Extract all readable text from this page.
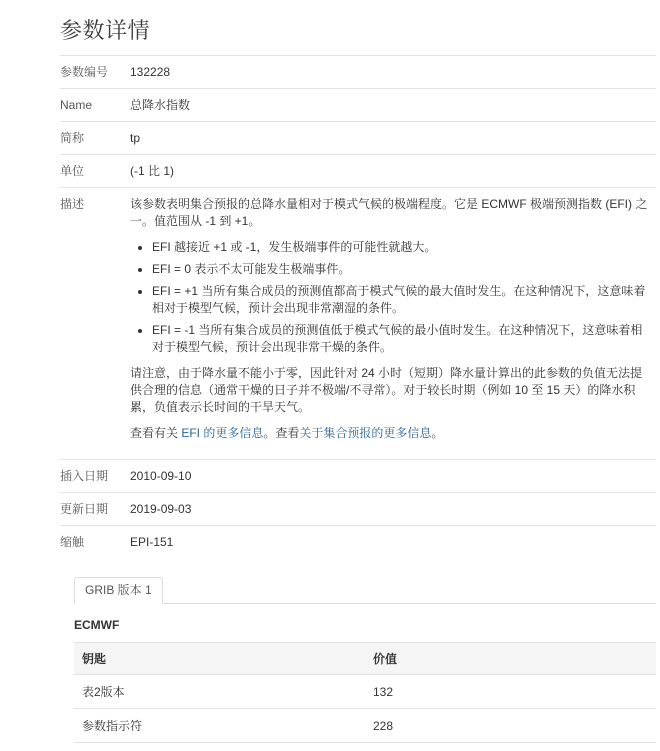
参数详情
参数编号	132228
Name	总降水指数
简称	tp
单位	(-1 比 1)
描述	该参数表明集合预报的总降水量相对于模式气候的极端程度。它是 ECMWF 极端预测指数 (EFI) 之一。值范围从 -1 到 +1。

• EFI 越接近 +1 或 -1，发生极端事件的可能性就越大。
• EFI = 0 表示不太可能发生极端事件。
• EFI = +1 当所有集合成员的预测值都高于模式气候的最大值时发生。在这种情况下，这意味着相对于模型气候，预计会出现非常潮湿的条件。
• EFI = -1 当所有集合成员的预测值低于模式气候的最小值时发生。在这种情况下，这意味着相对于模型气候，预计会出现非常干燥的条件。

请注意，由于降水量不能小于零，因此针对 24 小时（短期）降水量计算出的此参数的负值无法提供合理的信息（通常干燥的日子并不极端/不寻常）。对于较长时期（例如 10 至 15 天）的降水积累，负值表示长时间的干旱天气。

查看有关 EFI 的更多信息。查看关于集合预报的更多信息。

插入日期	2010-09-10
更新日期	2019-09-03
缩触	EPI-151
GRIB 版本 1
ECMWF
钥匙	价值
表2版本	132
参数指示符	228
